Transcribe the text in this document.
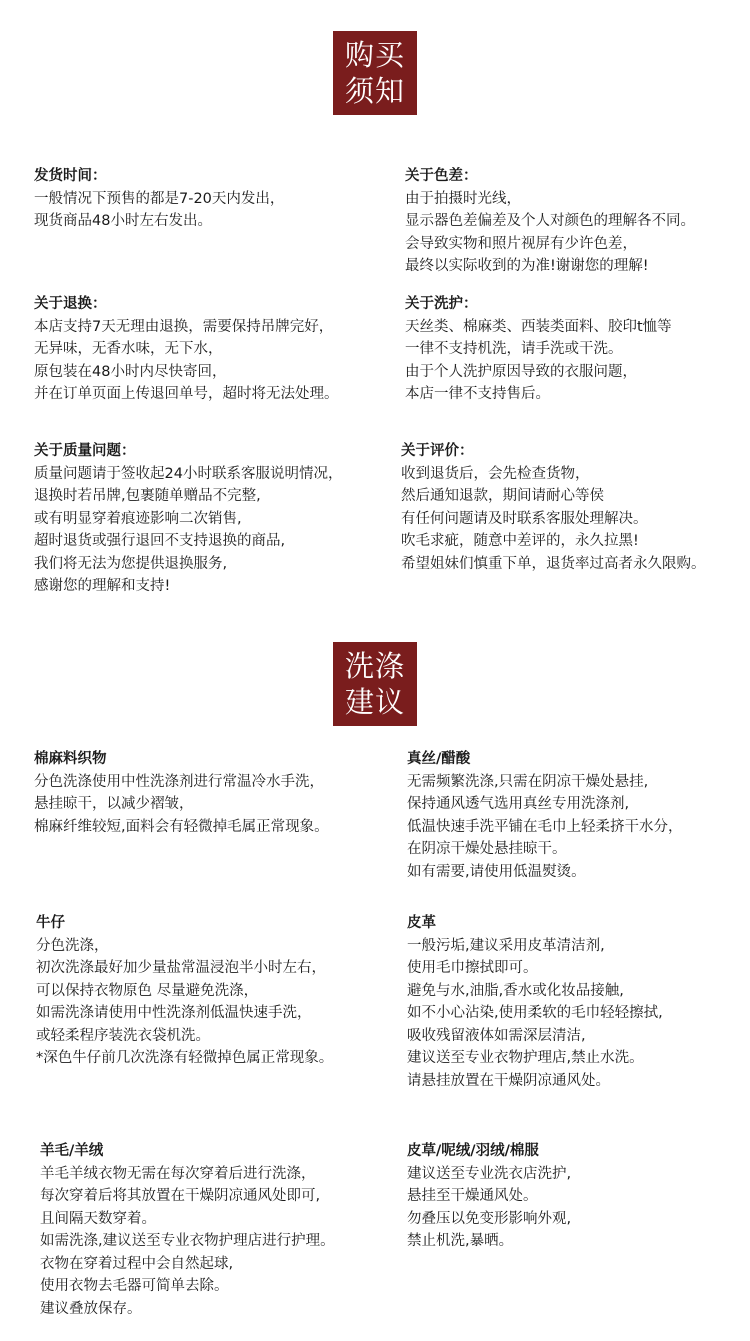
购买
须知
发货时间：
一般情况下预售的都是7-20天内发出，
现货商品48小时左右发出。
关于色差：
由于拍摄时光线，
显示器色差偏差及个人对颜色的理解各不同。
会导致实物和照片视屏有少许色差，
最终以实际收到的为准!谢谢您的理解!
关于退换：
本店支持7天无理由退换，需要保持吊牌完好，
无异味，无香水味，无下水，
原包装在48小时内尽快寄回，
并在订单页面上传退回单号，超时将无法处理。
关于洗护：
天丝类、棉麻类、西装类面料、胶印t恤等
一律不支持机洗，请手洗或干洗。
由于个人洗护原因导致的衣服问题，
本店一律不支持售后。
关于质量问题：
质量问题请于签收起24小时联系客服说明情况，
退换时若吊牌,包裹随单赠品不完整,
或有明显穿着痕迹影响二次销售,
超时退货或强行退回不支持退换的商品,
我们将无法为您提供退换服务,
感谢您的理解和支持!
关于评价：
收到退货后，会先检查货物，
然后通知退款，期间请耐心等侯
有任何问题请及时联系客服处理解决。
吹毛求疵，随意中差评的，永久拉黑!
希望姐妹们慎重下单，退货率过高者永久限购。
洗涤
建议
棉麻料织物
分色洗涤使用中性洗涤剂进行常温冷水手洗，
悬挂晾干，以减少褶皱，
棉麻纤维较短,面料会有轻微掉毛属正常现象。
真丝/醋酸
无需频繁洗涤,只需在阴凉干燥处悬挂,
保持通风透气选用真丝专用洗涤剂,
低温快速手洗平铺在毛巾上轻柔挤干水分，
在阴凉干燥处悬挂晾干。
如有需要,请使用低温熨烫。
牛仔
分色洗涤，
初次洗涤最好加少量盐常温浸泡半小时左右，
可以保持衣物原色 尽量避免洗涤，
如需洗涤请使用中性洗涤剂低温快速手洗，
或轻柔程序装洗衣袋机洗。
*深色牛仔前几次洗涤有轻微掉色属正常现象。
皮革
一般污垢,建议采用皮革清洁剂,
使用毛巾擦拭即可。
避免与水,油脂,香水或化妆品接触,
如不小心沾染,使用柔软的毛巾轻轻擦拭,
吸收残留液体如需深层清洁,
建议送至专业衣物护理店,禁止水洗。
请悬挂放置在干燥阴凉通风处。
羊毛/羊绒
羊毛羊绒衣物无需在每次穿着后进行洗涤，
每次穿着后将其放置在干燥阴凉通风处即可,
且间隔天数穿着。
如需洗涤,建议送至专业衣物护理店进行护理。
衣物在穿着过程中会自然起球,
使用衣物去毛器可简单去除。
建议叠放保存。
皮草/呢绒/羽绒/棉服
建议送至专业洗衣店洗护,
悬挂至干燥通风处。
勿叠压以免变形影响外观,
禁止机洗,暴晒。
